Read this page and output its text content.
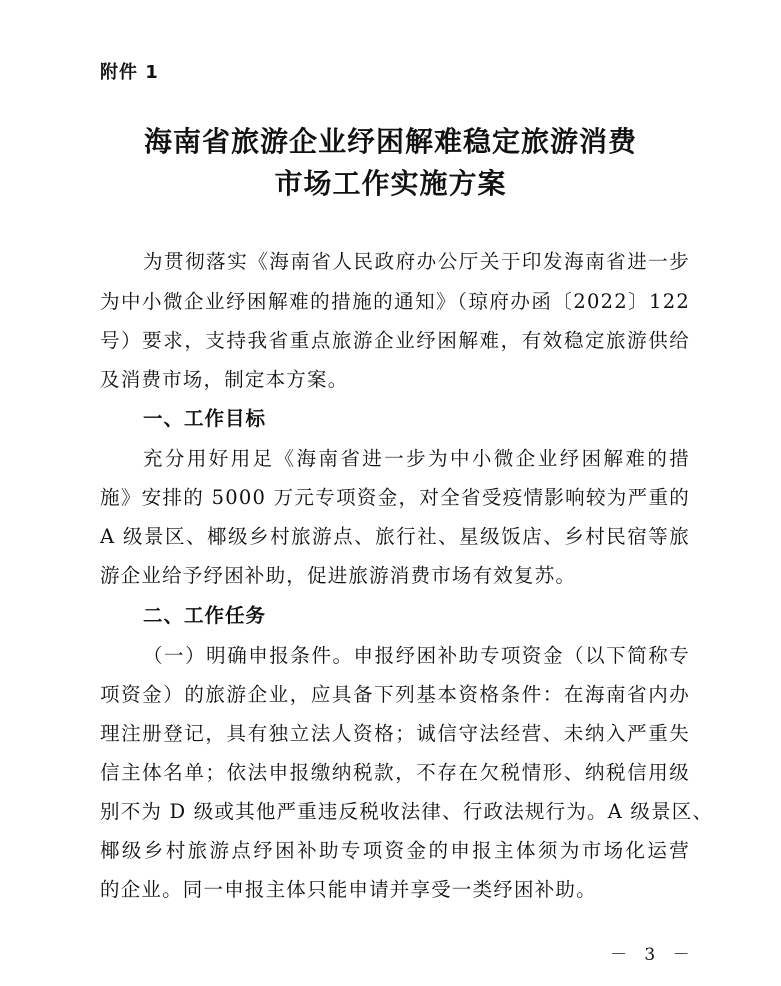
附件 1
海南省旅游企业纾困解难稳定旅游消费
市场工作实施方案
为贯彻落实《海南省人民政府办公厅关于印发海南省进一步
为中小微企业纾困解难的措施的通知》（琼府办函〔2022〕122
号）要求，支持我省重点旅游企业纾困解难，有效稳定旅游供给
及消费市场，制定本方案。
一、工作目标
充分用好用足《海南省进一步为中小微企业纾困解难的措
施》安排的 5000 万元专项资金，对全省受疫情影响较为严重的
A 级景区、椰级乡村旅游点、旅行社、星级饭店、乡村民宿等旅
游企业给予纾困补助，促进旅游消费市场有效复苏。
二、工作任务
（一）明确申报条件。申报纾困补助专项资金（以下简称专
项资金）的旅游企业，应具备下列基本资格条件：在海南省内办
理注册登记，具有独立法人资格；诚信守法经营、未纳入严重失
信主体名单；依法申报缴纳税款，不存在欠税情形、纳税信用级
别不为 D 级或其他严重违反税收法律、行政法规行为。A 级景区、
椰级乡村旅游点纾困补助专项资金的申报主体须为市场化运营
的企业。同一申报主体只能申请并享受一类纾困补助。
－ 3 －
